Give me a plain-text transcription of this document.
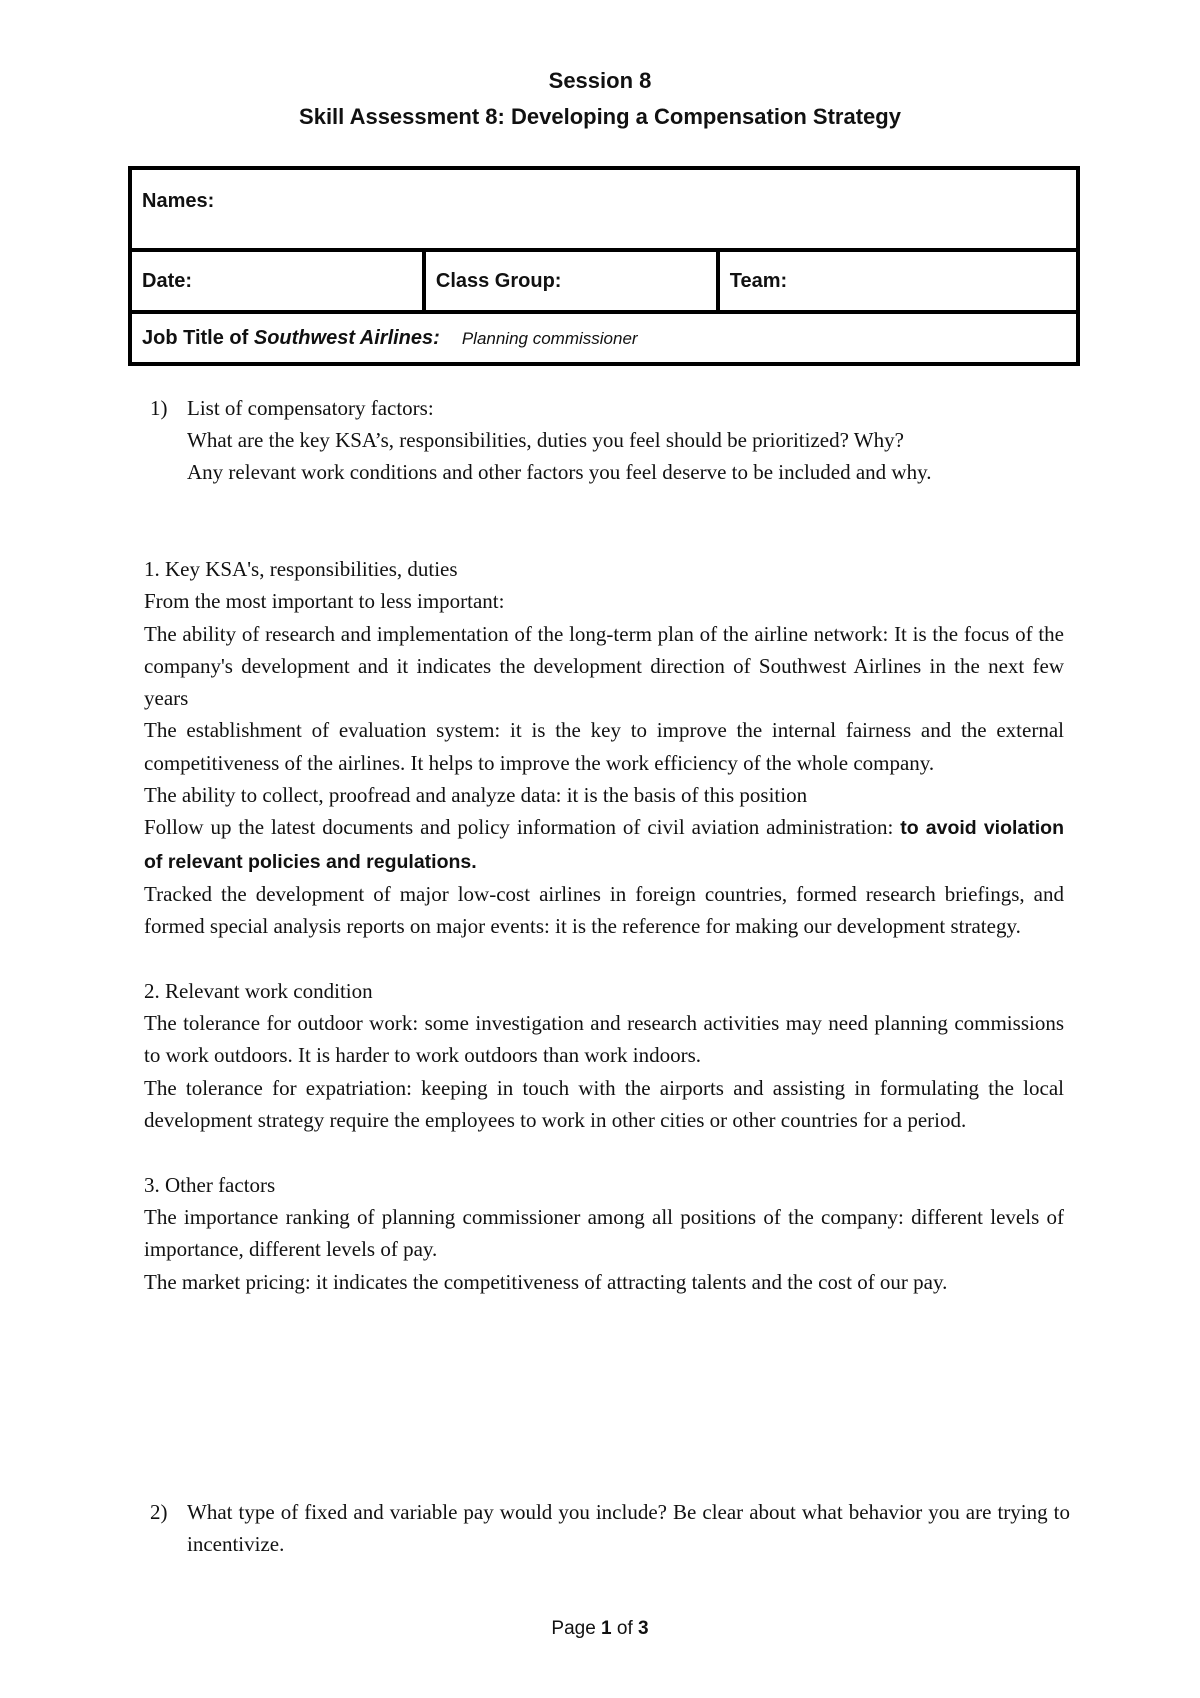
Session 8
Skill Assessment 8: Developing a Compensation Strategy
Names:
Date:	Class Group:	Team:
Job Title of Southwest Airlines: Planning commissioner
1) List of compensatory factors:
What are the key KSA’s, responsibilities, duties you feel should be prioritized? Why?
Any relevant work conditions and other factors you feel deserve to be included and why.

1. Key KSA's, responsibilities, duties

From the most important to less important:

The ability of research and implementation of the long-term plan of the airline network: It is the focus of the company's development and it indicates the development direction of Southwest Airlines in the next few years

The establishment of evaluation system: it is the key to improve the internal fairness and the external competitiveness of the airlines. It helps to improve the work efficiency of the whole company.

The ability to collect, proofread and analyze data: it is the basis of this position

Follow up the latest documents and policy information of civil aviation administration: to avoid violation of relevant policies and regulations.

Tracked the development of major low-cost airlines in foreign countries, formed research briefings, and formed special analysis reports on major events: it is the reference for making our development strategy.

2. Relevant work condition

The tolerance for outdoor work: some investigation and research activities may need planning commissions to work outdoors. It is harder to work outdoors than work indoors.

The tolerance for expatriation: keeping in touch with the airports and assisting in formulating the local development strategy require the employees to work in other cities or other countries for a period.

3. Other factors

The importance ranking of planning commissioner among all positions of the company: different levels of importance, different levels of pay.

The market pricing: it indicates the competitiveness of attracting talents and the cost of our pay.

2) What type of fixed and variable pay would you include? Be clear about what behavior you are trying to incentivize.
Page 1 of 3
